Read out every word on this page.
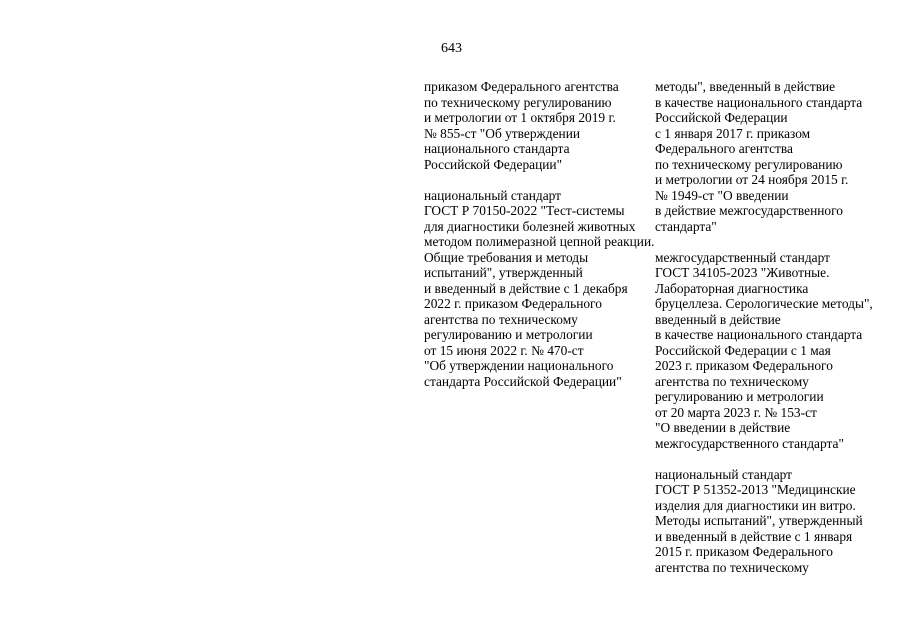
643
приказом Федерального агентства
по техническому регулированию
и метрологии от 1 октября 2019 г.
№ 855-ст "Об утверждении
национального стандарта
Российской Федерации"
национальный стандарт
ГОСТ Р 70150-2022 "Тест-системы
для диагностики болезней животных
методом полимеразной цепной реакции.
Общие требования и методы
испытаний", утвержденный
и введенный в действие с 1 декабря
2022 г. приказом Федерального
агентства по техническому
регулированию и метрологии
от 15 июня 2022 г. № 470-ст
"Об утверждении национального
стандарта Российской Федерации"
методы", введенный в действие
в качестве национального стандарта
Российской Федерации
с 1 января 2017 г. приказом
Федерального агентства
по техническому регулированию
и метрологии от 24 ноября 2015 г.
№ 1949-ст "О введении
в действие межгосударственного
стандарта"
межгосударственный стандарт
ГОСТ 34105-2023 "Животные.
Лабораторная диагностика
бруцеллеза. Серологические методы",
введенный в действие
в качестве национального стандарта
Российской Федерации с 1 мая
2023 г. приказом Федерального
агентства по техническому
регулированию и метрологии
от 20 марта 2023 г. № 153-ст
"О введении в действие
межгосударственного стандарта"
национальный стандарт
ГОСТ Р 51352-2013 "Медицинские
изделия для диагностики ин витро.
Методы испытаний", утвержденный
и введенный в действие с 1 января
2015 г. приказом Федерального
агентства по техническому
